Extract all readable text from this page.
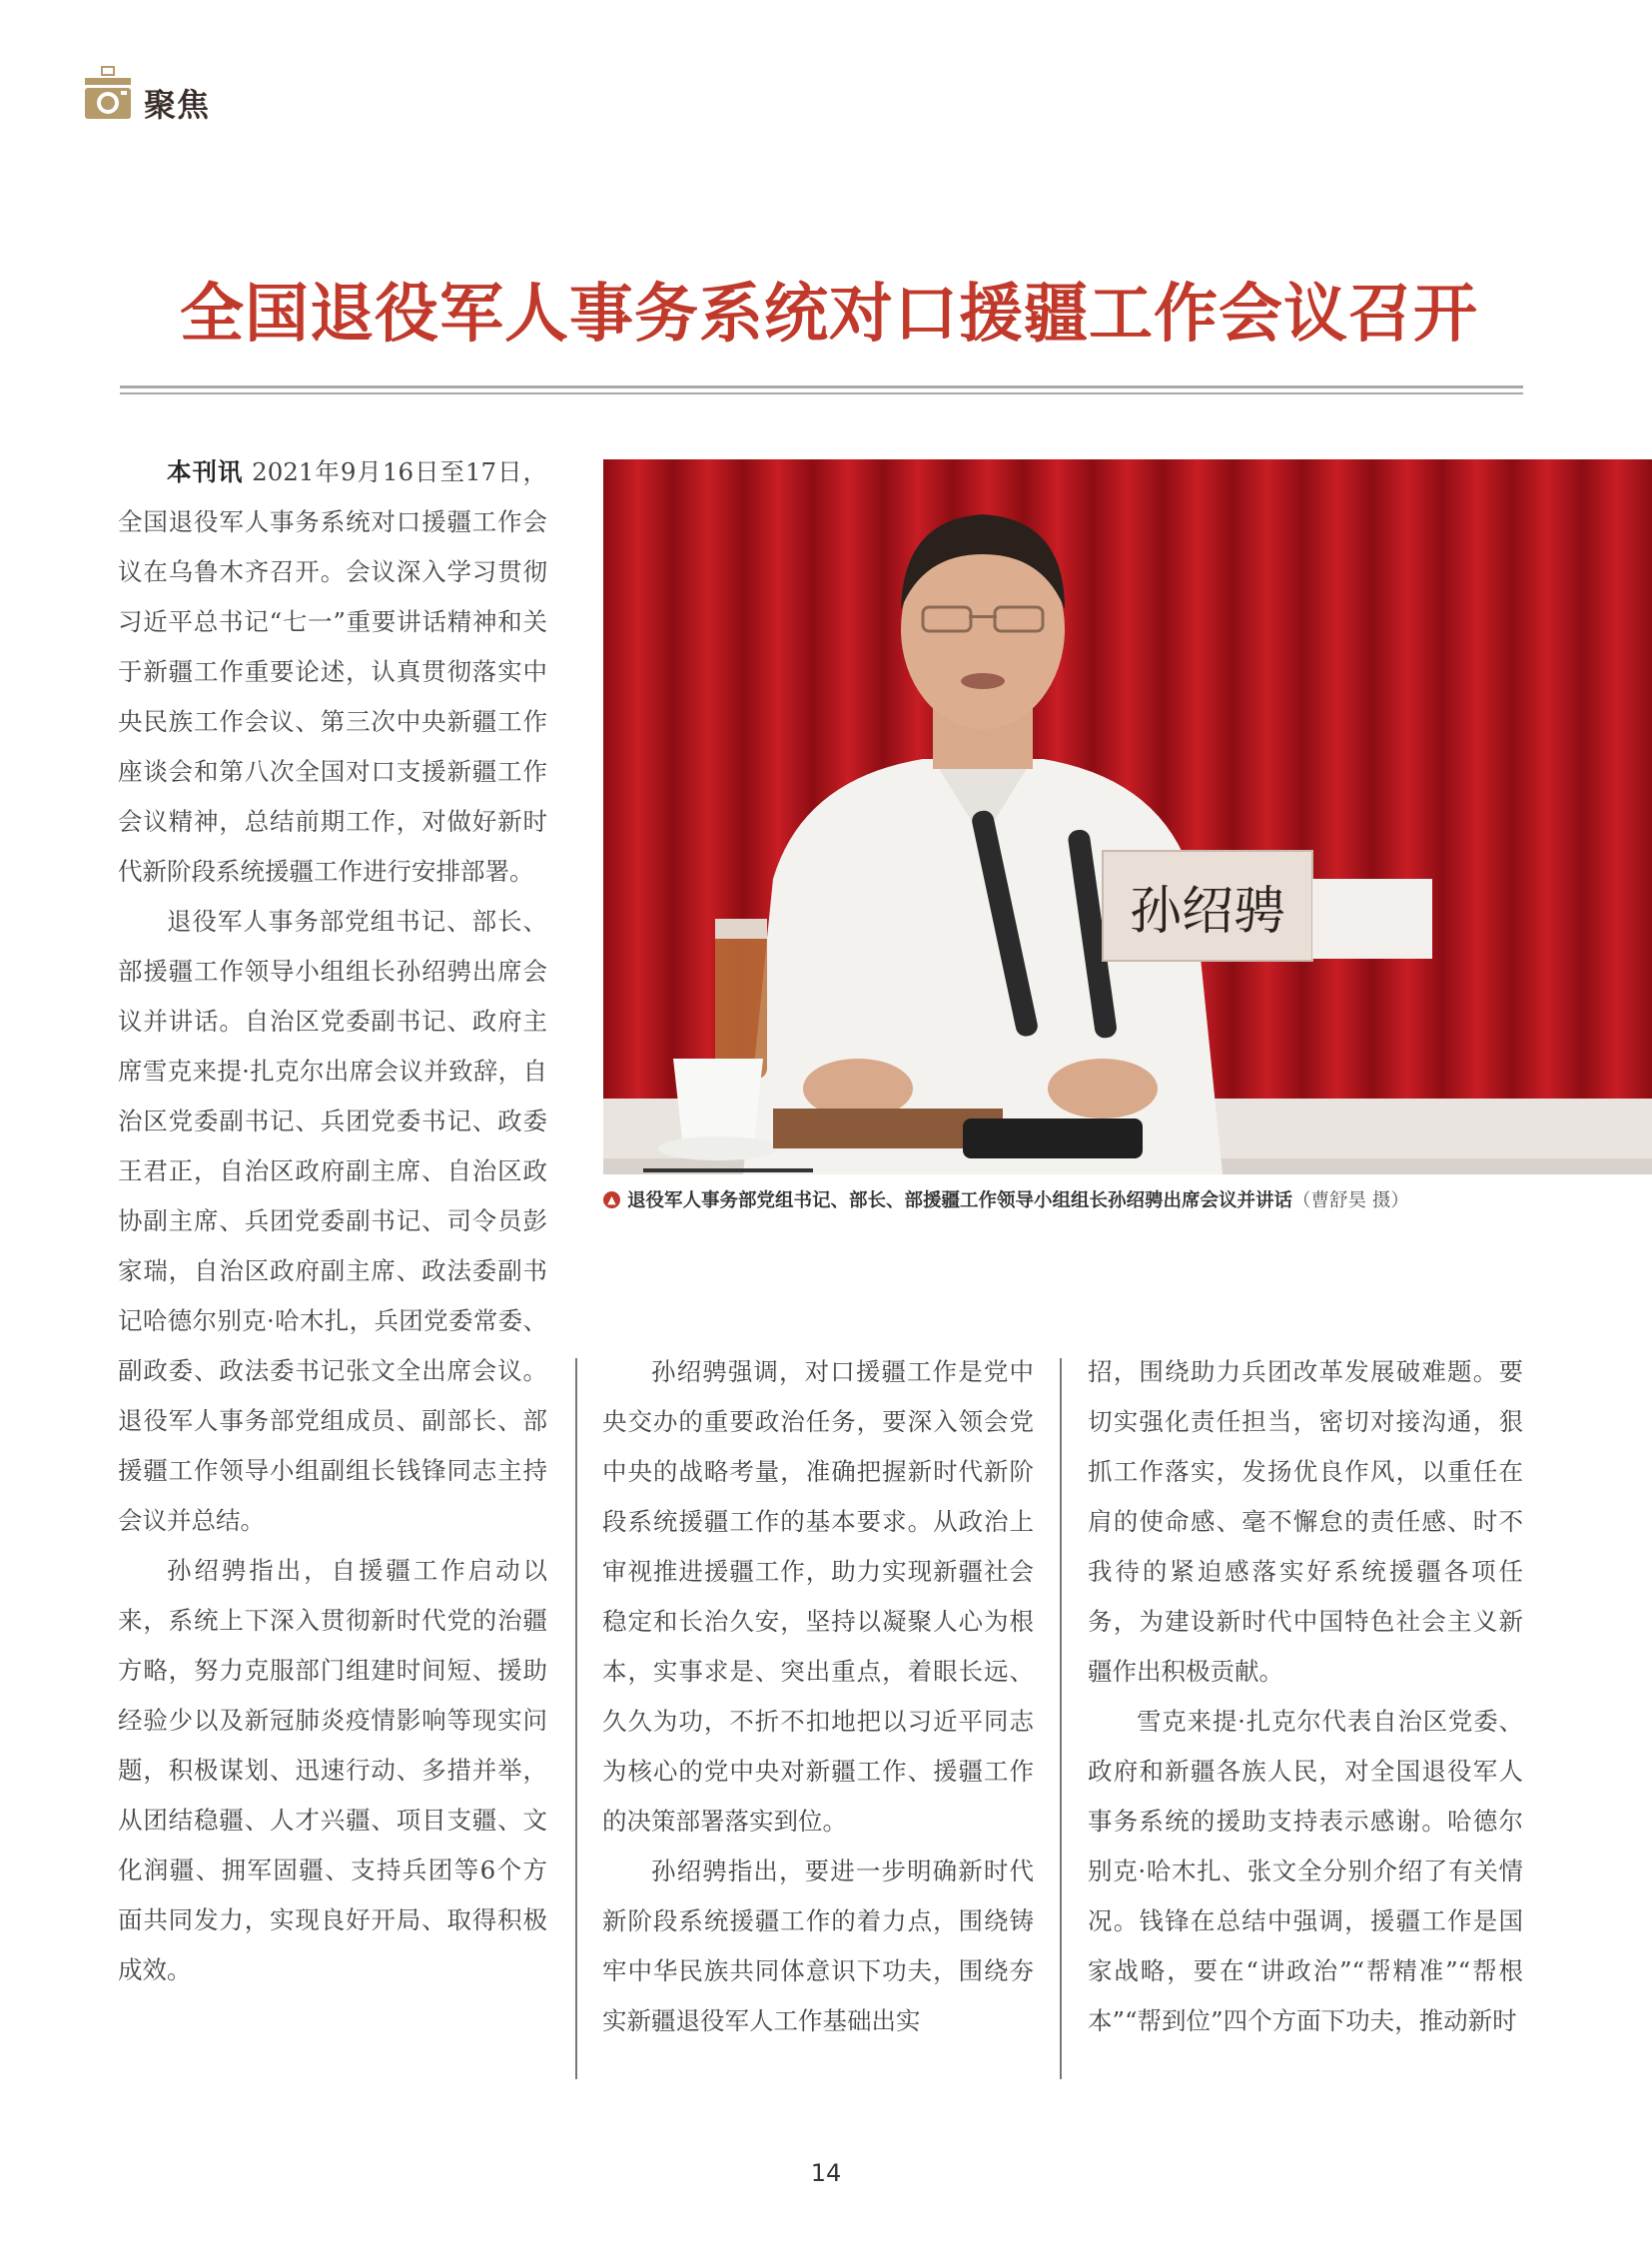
聚焦
全国退役军人事务系统对口援疆工作会议召开

本刊讯 2021年9月16日至17日，全国退役军人事务系统对口援疆工作会议在乌鲁木齐召开。会议深入学习贯彻习近平总书记“七一”重要讲话精神和关于新疆工作重要论述，认真贯彻落实中央民族工作会议、第三次中央新疆工作座谈会和第八次全国对口支援新疆工作会议精神，总结前期工作，对做好新时代新阶段系统援疆工作进行安排部署。

退役军人事务部党组书记、部长、部援疆工作领导小组组长孙绍骋出席会议并讲话。自治区党委副书记、政府主席雪克来提·扎克尔出席会议并致辞，自治区党委副书记、兵团党委书记、政委王君正，自治区政府副主席、自治区政协副主席、兵团党委副书记、司令员彭家瑞，自治区政府副主席、政法委副书记哈德尔别克·哈木扎，兵团党委常委、副政委、政法委书记张文全出席会议。退役军人事务部党组成员、副部长、部援疆工作领导小组副组长钱锋同志主持会议并总结。

孙绍骋指出，自援疆工作启动以来，系统上下深入贯彻新时代党的治疆方略，努力克服部门组建时间短、援助经验少以及新冠肺炎疫情影响等现实问题，积极谋划、迅速行动、多措并举，从团结稳疆、人才兴疆、项目支疆、文化润疆、拥军固疆、支持兵团等6个方面共同发力，实现良好开局、取得积极成效。

孙绍骋
▲ 退役军人事务部党组书记、部长、部援疆工作领导小组组长孙绍骋出席会议并讲话（曹舒昊 摄）

孙绍骋强调，对口援疆工作是党中央交办的重要政治任务，要深入领会党中央的战略考量，准确把握新时代新阶段系统援疆工作的基本要求。从政治上审视推进援疆工作，助力实现新疆社会稳定和长治久安，坚持以凝聚人心为根本，实事求是、突出重点，着眼长远、久久为功，不折不扣地把以习近平同志为核心的党中央对新疆工作、援疆工作的决策部署落实到位。

孙绍骋指出，要进一步明确新时代新阶段系统援疆工作的着力点，围绕铸牢中华民族共同体意识下功夫，围绕夯实新疆退役军人工作基础出实

招，围绕助力兵团改革发展破难题。要切实强化责任担当，密切对接沟通，狠抓工作落实，发扬优良作风，以重任在肩的使命感、毫不懈怠的责任感、时不我待的紧迫感落实好系统援疆各项任务，为建设新时代中国特色社会主义新疆作出积极贡献。

雪克来提·扎克尔代表自治区党委、政府和新疆各族人民，对全国退役军人事务系统的援助支持表示感谢。哈德尔别克·哈木扎、张文全分别介绍了有关情况。钱锋在总结中强调，援疆工作是国家战略，要在“讲政治”“帮精准”“帮根本”“帮到位”四个方面下功夫，推动新时

14
